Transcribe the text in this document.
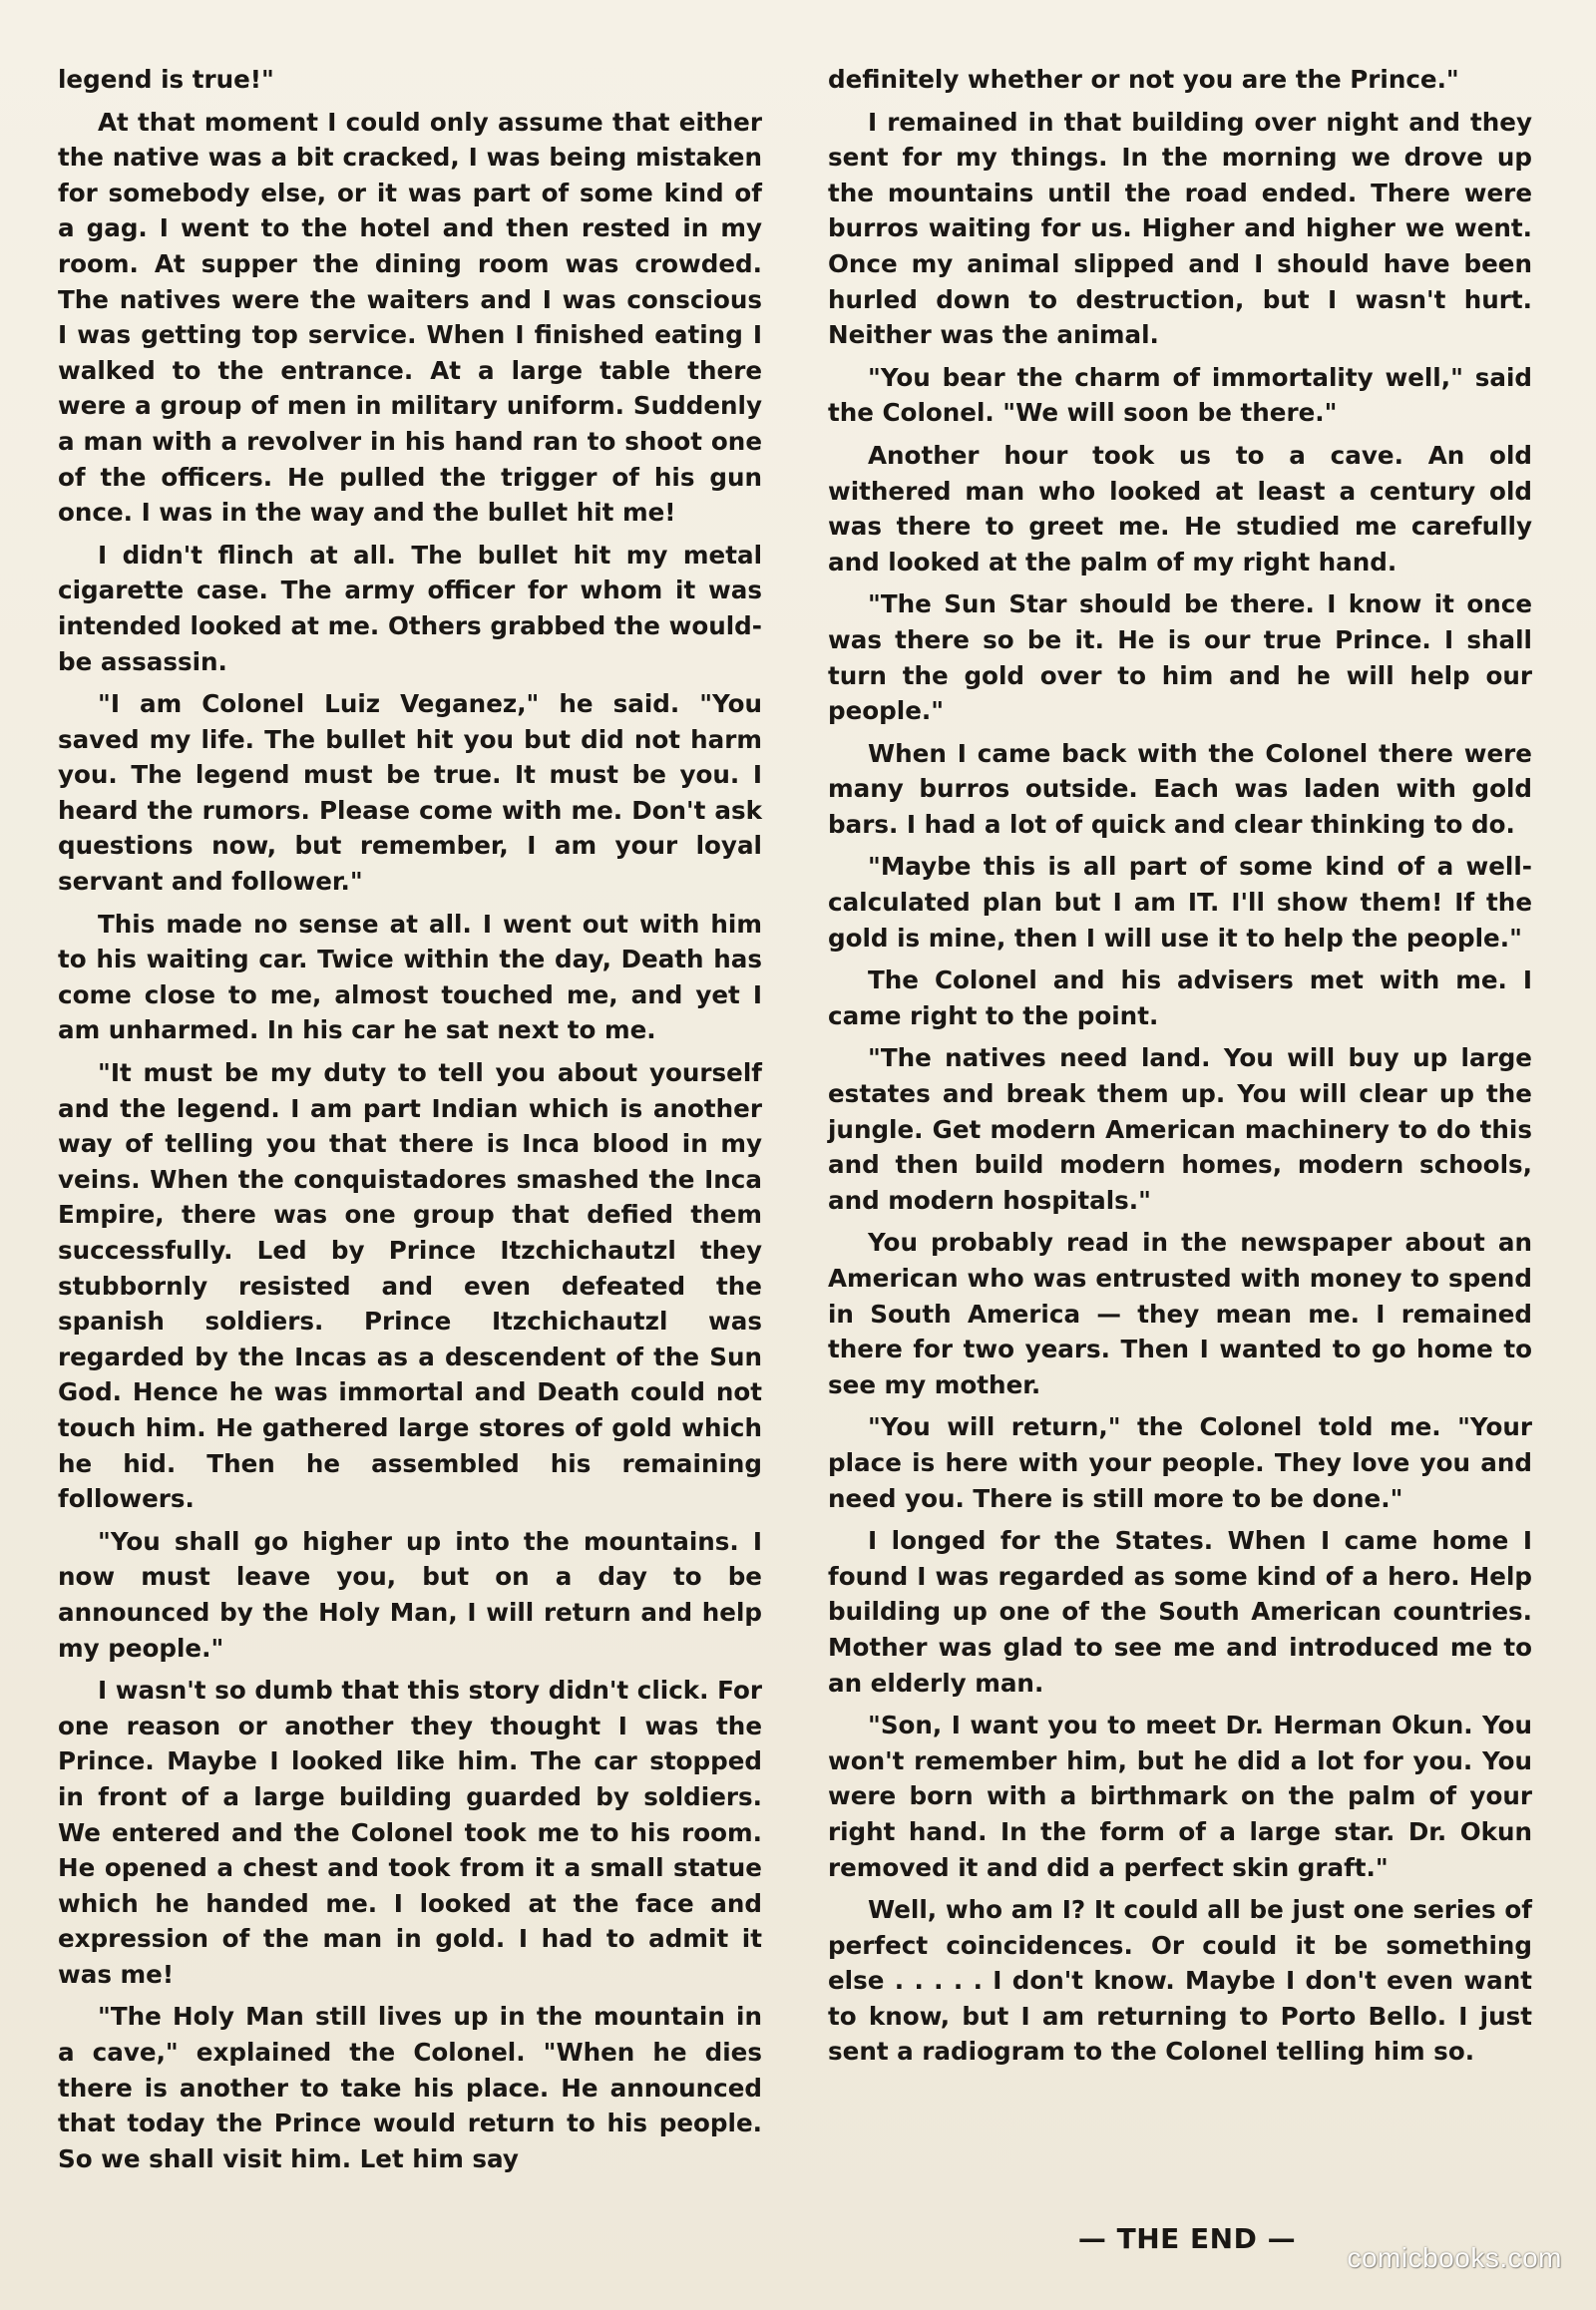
legend is true!"

At that moment I could only assume that either the native was a bit cracked, I was being mistaken for somebody else, or it was part of some kind of a gag. I went to the hotel and then rested in my room. At supper the dining room was crowded. The natives were the waiters and I was conscious I was getting top service. When I finished eating I walked to the entrance. At a large table there were a group of men in military uniform. Suddenly a man with a revolver in his hand ran to shoot one of the officers. He pulled the trigger of his gun once. I was in the way and the bullet hit me!

I didn't flinch at all. The bullet hit my metal cigarette case. The army officer for whom it was intended looked at me. Others grabbed the would-be assassin.

"I am Colonel Luiz Veganez," he said. "You saved my life. The bullet hit you but did not harm you. The legend must be true. It must be you. I heard the rumors. Please come with me. Don't ask questions now, but remember, I am your loyal servant and follower."

This made no sense at all. I went out with him to his waiting car. Twice within the day, Death has come close to me, almost touched me, and yet I am unharmed. In his car he sat next to me.

"It must be my duty to tell you about yourself and the legend. I am part Indian which is another way of telling you that there is Inca blood in my veins. When the conquistadores smashed the Inca Empire, there was one group that defied them successfully. Led by Prince Itzchichautzl they stubbornly resisted and even defeated the spanish soldiers. Prince Itzchichautzl was regarded by the Incas as a descendent of the Sun God. Hence he was immortal and Death could not touch him. He gathered large stores of gold which he hid. Then he assembled his remaining followers.

"You shall go higher up into the mountains. I now must leave you, but on a day to be announced by the Holy Man, I will return and help my people."

I wasn't so dumb that this story didn't click. For one reason or another they thought I was the Prince. Maybe I looked like him. The car stopped in front of a large building guarded by soldiers. We entered and the Colonel took me to his room. He opened a chest and took from it a small statue which he handed me. I looked at the face and expression of the man in gold. I had to admit it was me!

"The Holy Man still lives up in the mountain in a cave," explained the Colonel. "When he dies there is another to take his place. He announced that today the Prince would return to his people. So we shall visit him. Let him say

definitely whether or not you are the Prince."

I remained in that building over night and they sent for my things. In the morning we drove up the mountains until the road ended. There were burros waiting for us. Higher and higher we went. Once my animal slipped and I should have been hurled down to destruction, but I wasn't hurt. Neither was the animal.

"You bear the charm of immortality well," said the Colonel. "We will soon be there."

Another hour took us to a cave. An old withered man who looked at least a century old was there to greet me. He studied me carefully and looked at the palm of my right hand.

"The Sun Star should be there. I know it once was there so be it. He is our true Prince. I shall turn the gold over to him and he will help our people."

When I came back with the Colonel there were many burros outside. Each was laden with gold bars. I had a lot of quick and clear thinking to do.

"Maybe this is all part of some kind of a well-calculated plan but I am IT. I'll show them! If the gold is mine, then I will use it to help the people."

The Colonel and his advisers met with me. I came right to the point.

"The natives need land. You will buy up large estates and break them up. You will clear up the jungle. Get modern American machinery to do this and then build modern homes, modern schools, and modern hospitals."

You probably read in the newspaper about an American who was entrusted with money to spend in South America — they mean me. I remained there for two years. Then I wanted to go home to see my mother.

"You will return," the Colonel told me. "Your place is here with your people. They love you and need you. There is still more to be done."

I longed for the States. When I came home I found I was regarded as some kind of a hero. Help building up one of the South American countries. Mother was glad to see me and introduced me to an elderly man.

"Son, I want you to meet Dr. Herman Okun. You won't remember him, but he did a lot for you. You were born with a birthmark on the palm of your right hand. In the form of a large star. Dr. Okun removed it and did a perfect skin graft."

Well, who am I? It could all be just one series of perfect coincidences. Or could it be something else . . . . . I don't know. Maybe I don't even want to know, but I am returning to Porto Bello. I just sent a radiogram to the Colonel telling him so.

— THE END —
comicbooks.com
